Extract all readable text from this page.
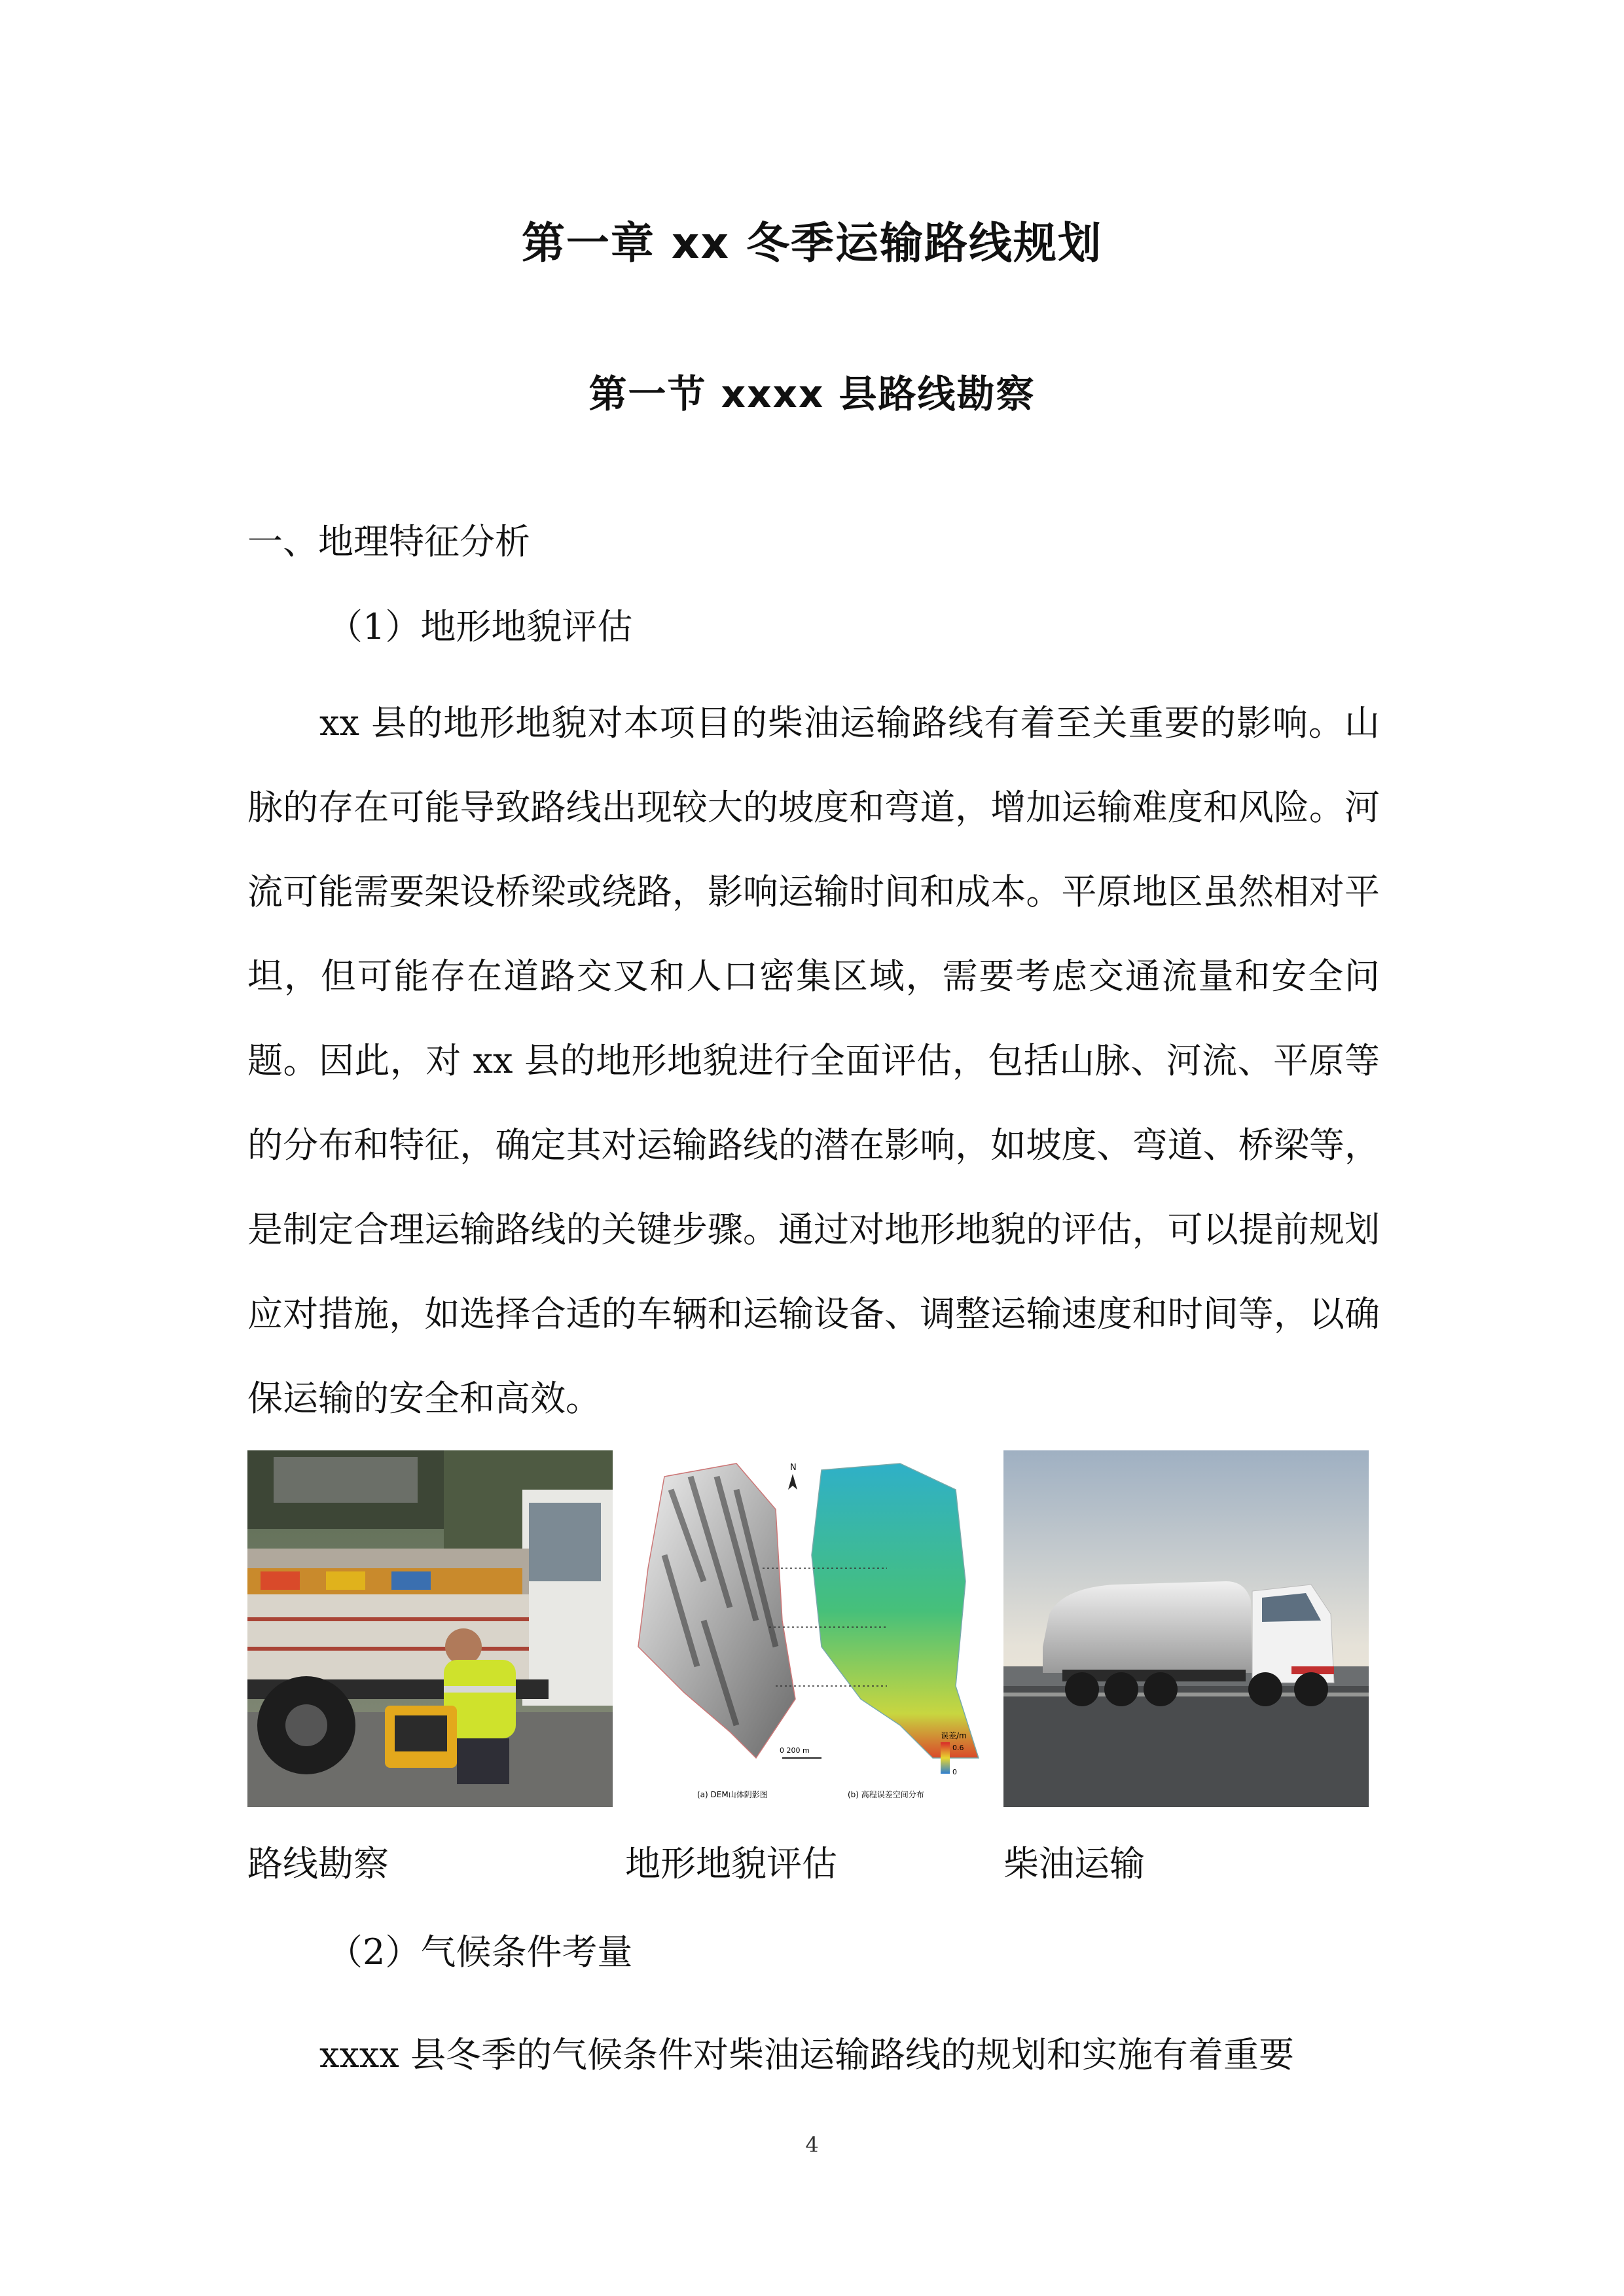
第一章 xx 冬季运输路线规划
第一节 xxxx 县路线勘察
一、地理特征分析
（1）地形地貌评估

xx 县的地形地貌对本项目的柴油运输路线有着至关重要的影响。山脉的存在可能导致路线出现较大的坡度和弯道，增加运输难度和风险。河流可能需要架设桥梁或绕路，影响运输时间和成本。平原地区虽然相对平坦，但可能存在道路交叉和人口密集区域，需要考虑交通流量和安全问题。因此，对 xx 县的地形地貌进行全面评估，包括山脉、河流、平原等的分布和特征，确定其对运输路线的潜在影响，如坡度、弯道、桥梁等，是制定合理运输路线的关键步骤。通过对地形地貌的评估，可以提前规划应对措施，如选择合适的车辆和运输设备、调整运输速度和时间等，以确保运输的安全和高效。

N
0 200 m
误差/m
0.6
0
(a) DEM山体阴影图	(b) 高程误差空间分布
路线勘察	地形地貌评估	柴油运输
（2）气候条件考量

xxxx 县冬季的气候条件对柴油运输路线的规划和实施有着重要

4
